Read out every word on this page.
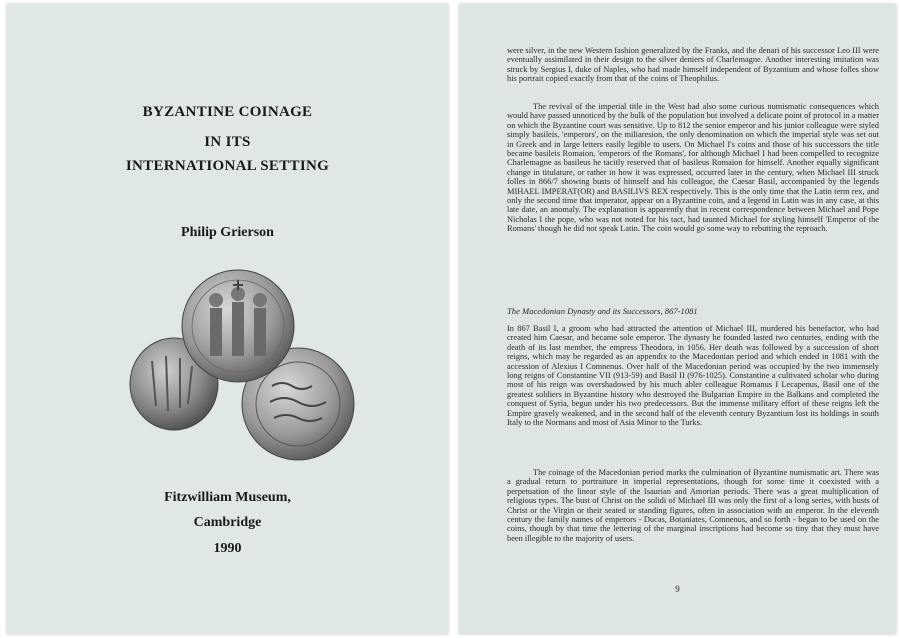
BYZANTINE COINAGE
IN ITS
INTERNATIONAL SETTING
Philip Grierson
Fitzwilliam Museum,
Cambridge
1990

were silver, in the new Western fashion generalized by the Franks, and the denari of his successor Leo III were eventually assimilated in their design to the silver deniers of Charlemagne. Another interesting imitation was struck by Sergius I, duke of Naples, who had made himself independent of Byzantium and whose folles show his portrait copied exactly from that of the coins of Theophilus.

The revival of the imperial title in the West had also some curious numismatic consequences which would have passed unnoticed by the bulk of the population but involved a delicate point of protocol in a matter on which the Byzantine court was sensitive. Up to 812 the senior emperor and his junior colleague were styled simply basileis, 'emperors', on the miliaresion, the only denomination on which the imperial style was set out in Greek and in large letters easily legible to users. On Michael I's coins and those of his successors the title became basileis Romaion, 'emperors of the Romans', for although Michael I had been compelled to recognize Charlemagne as basileus he tacitly reserved that of basileus Romaion for himself. Another equally significant change in titulature, or rather in how it was expressed, occurred later in the century, when Michael III struck folles in 866/7 showing busts of himself and his colleague, the Caesar Basil, accompanied by the legends MIHAEL IMPERAT(OR) and BASILIVS REX respectively. This is the only time that the Latin term rex, and only the second time that imperator, appear on a Byzantine coin, and a legend in Latin was in any case, at this late date, an anomaly. The explanation is apparently that in recent correspondence between Michael and Pope Nicholas I the pope, who was not noted for his tact, had taunted Michael for styling himself 'Emperor of the Romans' though he did not speak Latin. The coin would go some way to rebutting the reproach.

The Macedonian Dynasty and its Successors, 867-1081

In 867 Basil I, a groom who had attracted the attention of Michael III, murdered his benefactor, who had created him Caesar, and became sole emperor. The dynasty he founded lasted two centuries, ending with the death of its last member, the empress Theodora, in 1056. Her death was followed by a succession of short reigns, which may be regarded as an appendix to the Macedonian period and which ended in 1081 with the accession of Alexius I Comnenus. Over half of the Macedonian period was occupied by the two immensely long reigns of Constantine VII (913-59) and Basil II (976-1025). Constantine a cultivated scholar who during most of his reign was overshadowed by his much abler colleague Romanus I Lecapenus, Basil one of the greatest soldiers in Byzantine history who destroyed the Bulgarian Empire in the Balkans and completed the conquest of Syria, begun under his two predecessors. But the immense military effort of these reigns left the Empire gravely weakened, and in the second half of the eleventh century Byzantium lost its holdings in south Italy to the Normans and most of Asia Minor to the Turks.

The coinage of the Macedonian period marks the culmination of Byzantine numismatic art. There was a gradual return to portraiture in imperial representations, though for some time it coexisted with a perpetuation of the linear style of the Isaurian and Amorian periods. There was a great multiplication of religious types. The bust of Christ on the solidi of Michael III was only the first of a long series, with busts of Christ or the Virgin or their seated or standing figures, often in association with an emperor. In the eleventh century the family names of emperors - Ducas, Botaniates, Comnenus, and so forth - began to be used on the coins, though by that time the lettering of the marginal inscriptions had become so tiny that they must have been illegible to the majority of users.

9
